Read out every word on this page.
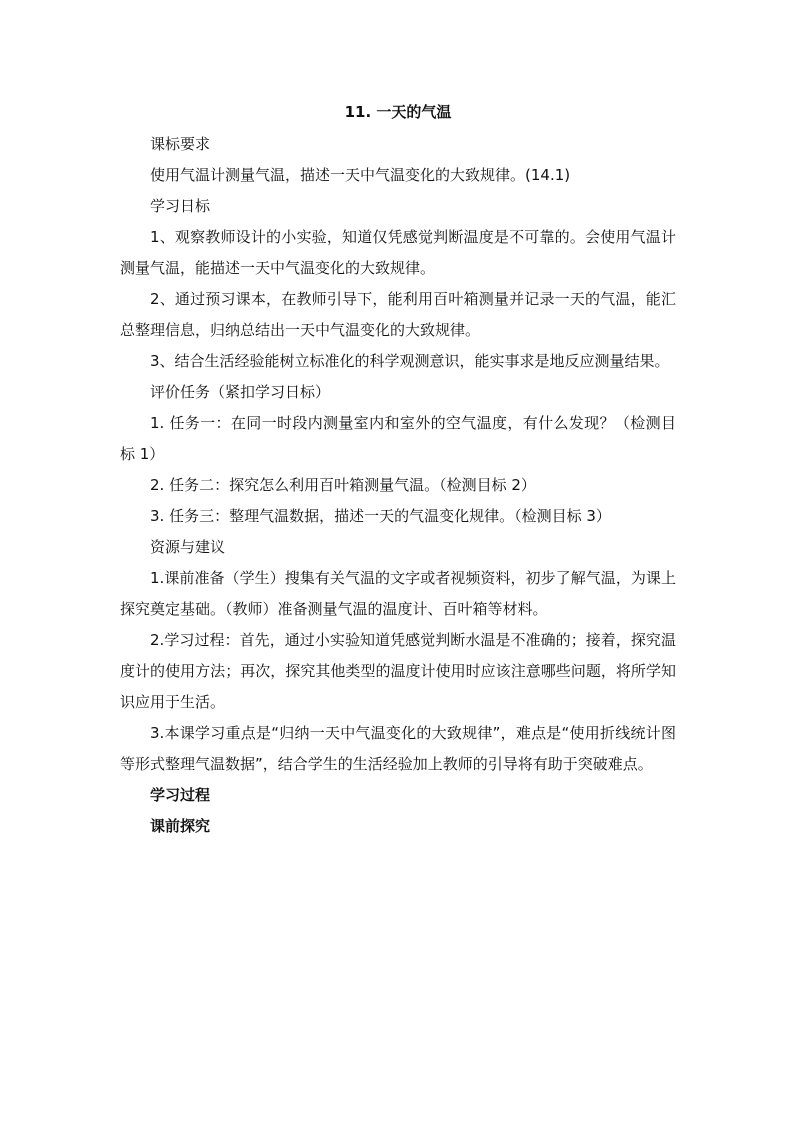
11. 一天的气温

课标要求

使用气温计测量气温，描述一天中气温变化的大致规律。(14.1)

学习日标

1、观察教师设计的小实验，知道仅凭感觉判断温度是不可靠的。会使用气温计测量气温，能描述一天中气温变化的大致规律。
2、通过预习课本，在教师引导下，能利用百叶箱测量并记录一天的气温，能汇总整理信息，归纳总结出一天中气温变化的大致规律。
3、结合生活经验能树立标准化的科学观测意识，能实事求是地反应测量结果。

评价任务（紧扣学习日标）

1. 任务一：在同一时段内测量室内和室外的空气温度，有什么发现？（检测目标 1）
2. 任务二：探究怎么利用百叶箱测量气温。（检测目标 2）
3. 任务三：整理气温数据，描述一天的气温变化规律。（检测目标 3）

资源与建议

1.课前准备（学生）搜集有关气温的文字或者视频资料，初步了解气温，为课上探究奠定基础。（教师）准备测量气温的温度计、百叶箱等材料。
2.学习过程：首先，通过小实验知道凭感觉判断水温是不准确的；接着，探究温度计的使用方法；再次，探究其他类型的温度计使用时应该注意哪些问题，将所学知识应用于生活。
3.本课学习重点是“归纳一天中气温变化的大致规律”，难点是“使用折线统计图等形式整理气温数据”，结合学生的生活经验加上教师的引导将有助于突破难点。

学习过程

课前探究
